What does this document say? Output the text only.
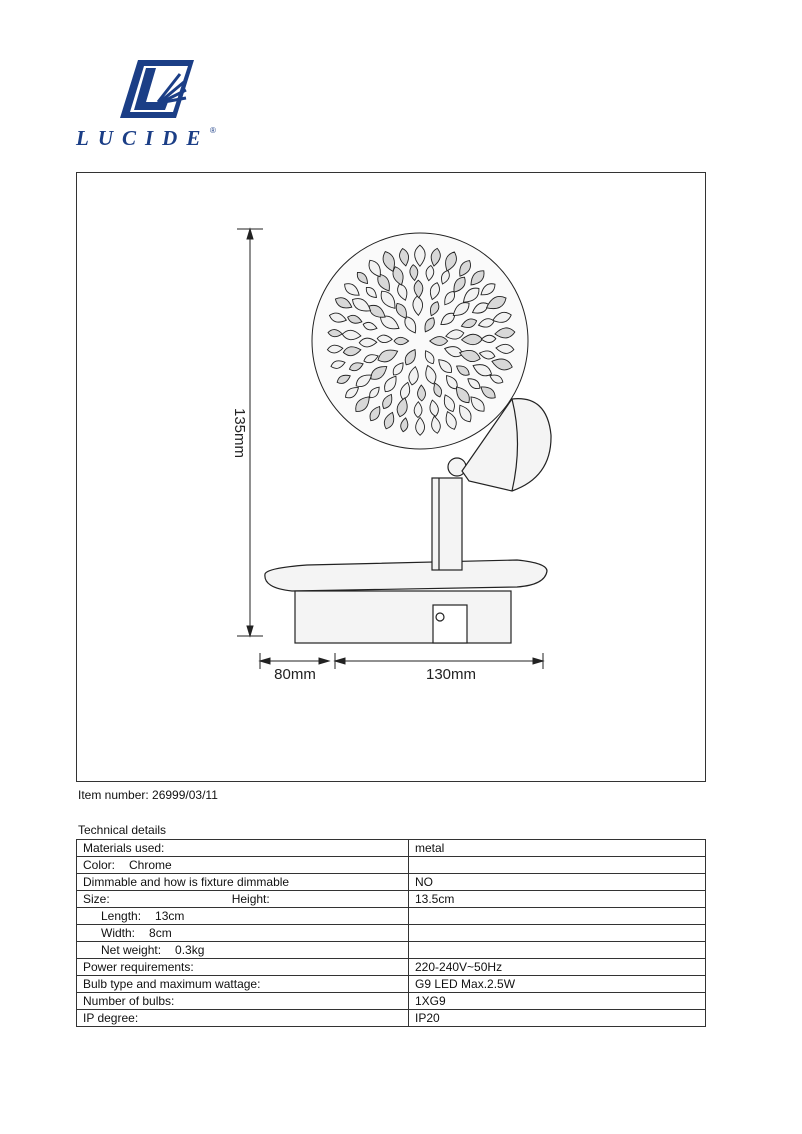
LUCIDE ®
135mm
80mm	130mm
Item number: 26999/03/11
Technical details
Materials used:	metal
Color: Chrome	
Dimmable and how is fixture dimmable	NO
Size: Height:	13.5cm
Length: 13cm	
Width: 8cm	
Net weight: 0.3kg	
Power requirements:	220-240V~50Hz
Bulb type and maximum wattage:	G9 LED Max.2.5W
Number of bulbs:	1XG9
IP degree:	IP20
